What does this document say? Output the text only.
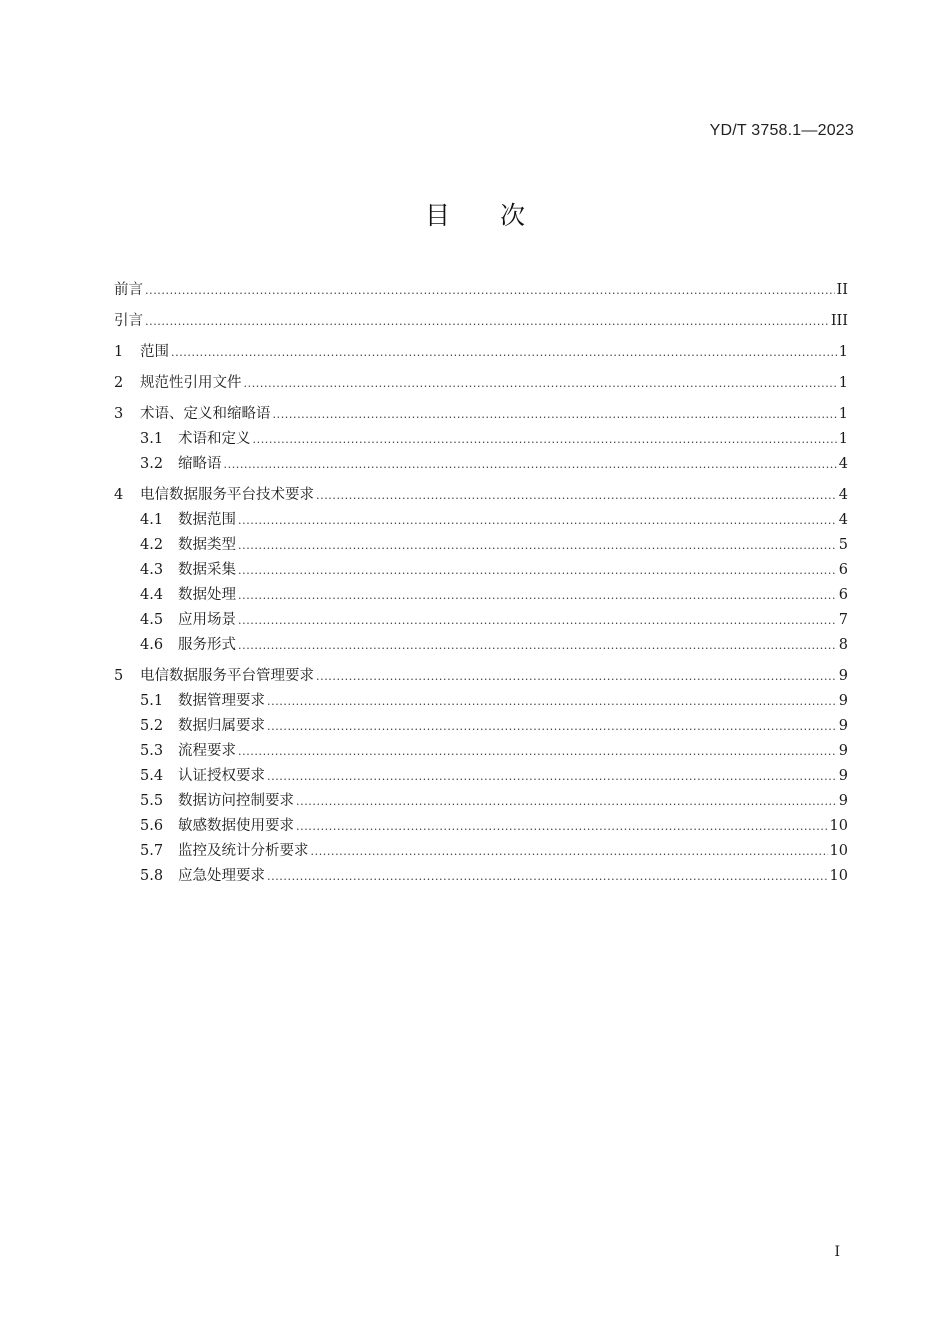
YD/T 3758.1—2023
目次
前言 .....	II
引言 .....	III
1 范围 .....	1
2 规范性引用文件 .....	1
3 术语、定义和缩略语 .....	1
3.1 术语和定义 .....	1
3.2 缩略语 .....	4
4 电信数据服务平台技术要求 .....	4
4.1 数据范围 .....	4
4.2 数据类型 .....	5
4.3 数据采集 .....	6
4.4 数据处理 .....	6
4.5 应用场景 .....	7
4.6 服务形式 .....	8
5 电信数据服务平台管理要求 .....	9
5.1 数据管理要求 .....	9
5.2 数据归属要求 .....	9
5.3 流程要求 .....	9
5.4 认证授权要求 .....	9
5.5 数据访问控制要求 .....	9
5.6 敏感数据使用要求 .....	10
5.7 监控及统计分析要求 .....	10
5.8 应急处理要求 .....	10
I
